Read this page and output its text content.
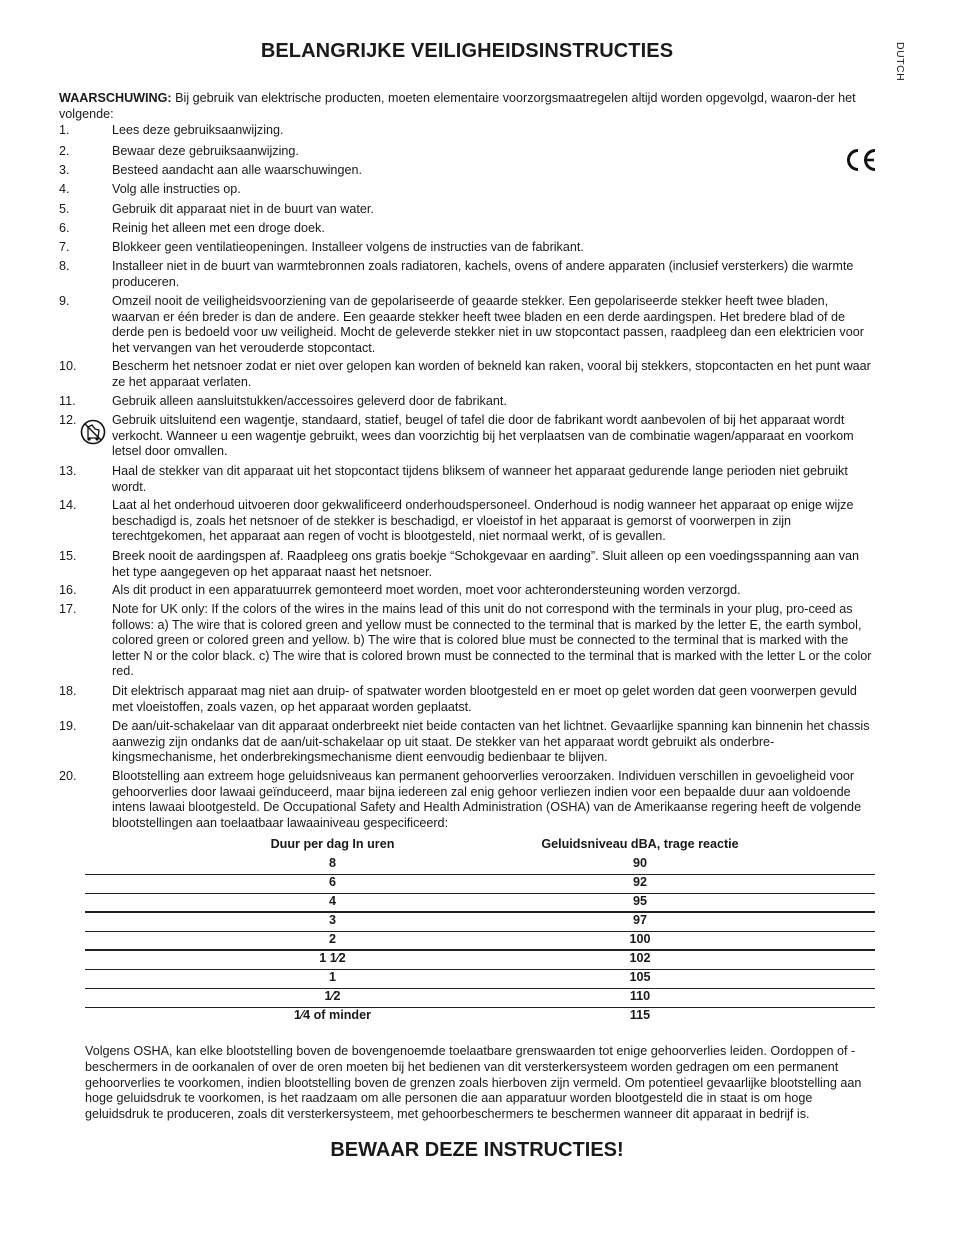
BELANGRIJKE VEILIGHEIDSINSTRUCTIES	DUTCH
WAARSCHUWING: Bij gebruik van elektrische producten, moeten elementaire voorzorgsmaatregelen altijd worden opgevolgd, waaron-der het volgende:
1.	Lees deze gebruiksaanwijzing.
2.	Bewaar deze gebruiksaanwijzing.
3.	Besteed aandacht aan alle waarschuwingen.
4.	Volg alle instructies op.
5.	Gebruik dit apparaat niet in de buurt van water.
6.	Reinig het alleen met een droge doek.
7.	Blokkeer geen ventilatieopeningen. Installeer volgens de instructies van de fabrikant.
8.	Installeer niet in de buurt van warmtebronnen zoals radiatoren, kachels, ovens of andere apparaten (inclusief versterkers) die warmte produceren.
9.	Omzeil nooit de veiligheidsvoorziening van de gepolariseerde of geaarde stekker. Een gepolariseerde stekker heeft twee bladen, waarvan er één breder is dan de andere. Een geaarde stekker heeft twee bladen en een derde aardingspen. Het bredere blad of de derde pen is bedoeld voor uw veiligheid. Mocht de geleverde stekker niet in uw stopcontact passen, raadpleeg dan een elektricien voor het vervangen van het verouderde stopcontact.
10.	Bescherm het netsnoer zodat er niet over gelopen kan worden of bekneld kan raken, vooral bij stekkers, stopcontacten en het punt waar ze het apparaat verlaten.
11.	Gebruik alleen aansluitstukken/accessoires geleverd door de fabrikant.
12.	Gebruik uitsluitend een wagentje, standaard, statief, beugel of tafel die door de fabrikant wordt aanbevolen of bij het apparaat wordt verkocht. Wanneer u een wagentje gebruikt, wees dan voorzichtig bij het verplaatsen van de combinatie wagen/apparaat en voorkom letsel door omvallen.
13.	Haal de stekker van dit apparaat uit het stopcontact tijdens bliksem of wanneer het apparaat gedurende lange perioden niet gebruikt wordt.
14.	Laat al het onderhoud uitvoeren door gekwalificeerd onderhoudspersoneel. Onderhoud is nodig wanneer het apparaat op enige wijze beschadigd is, zoals het netsnoer of de stekker is beschadigd, er vloeistof in het apparaat is gemorst of voorwerpen in zijn terechtgekomen, het apparaat aan regen of vocht is blootgesteld, niet normaal werkt, of is gevallen.
15.	Breek nooit de aardingspen af. Raadpleeg ons gratis boekje “Schokgevaar en aarding”. Sluit alleen op een voedingsspanning aan van het type aangegeven op het apparaat naast het netsnoer.
16.	Als dit product in een apparatuurrek gemonteerd moet worden, moet voor achterondersteuning worden verzorgd.
17.	Note for UK only: If the colors of the wires in the mains lead of this unit do not correspond with the terminals in your plug, pro-ceed as follows: a) The wire that is colored green and yellow must be connected to the terminal that is marked by the letter E, the earth symbol, colored green or colored green and yellow. b) The wire that is colored blue must be connected to the terminal that is marked with the letter N or the color black. c) The wire that is colored brown must be connected to the terminal that is marked with the letter L or the color red.
18.	Dit elektrisch apparaat mag niet aan druip- of spatwater worden blootgesteld en er moet op gelet worden dat geen voorwerpen gevuld met vloeistoffen, zoals vazen, op het apparaat worden geplaatst.
19.	De aan/uit-schakelaar van dit apparaat onderbreekt niet beide contacten van het lichtnet. Gevaarlijke spanning kan binnenin het chassis aanwezig zijn ondanks dat de aan/uit-schakelaar op uit staat. De stekker van het apparaat wordt gebruikt als onderbre-kingsmechanisme, het onderbrekingsmechanisme dient eenvoudig bedienbaar te blijven.
20.	Blootstelling aan extreem hoge geluidsniveaus kan permanent gehoorverlies veroorzaken. Individuen verschillen in gevoeligheid voor gehoorverlies door lawaai geïnduceerd, maar bijna iedereen zal enig gehoor verliezen indien voor een bepaalde duur aan voldoende intens lawaai blootgesteld. De Occupational Safety and Health Administration (OSHA) van de Amerikaanse regering heeft de volgende blootstellingen aan toelaatbaar lawaainiveau gespecificeerd:
Duur per dag In uren	Geluidsniveau dBA, trage reactie
8	90
6	92
4	95
3	97
2	100
1 1⁄2	102
1	105
1⁄2	110
1⁄4 of minder	115
Volgens OSHA, kan elke blootstelling boven de bovengenoemde toelaatbare grenswaarden tot enige gehoorverlies leiden. Oordoppen of -beschermers in de oorkanalen of over de oren moeten bij het bedienen van dit versterkersysteem worden gedragen om een permanent gehoorverlies te voorkomen, indien blootstelling boven de grenzen zoals hierboven zijn vermeld. Om potentieel gevaarlijke blootstelling aan hoge geluidsdruk te voorkomen, is het raadzaam om alle personen die aan apparatuur worden blootgesteld die in staat is om hoge geluidsdruk te produceren, zoals dit versterkersysteem, met gehoorbeschermers te beschermen wanneer dit apparaat in bedrijf is.
BEWAAR DEZE INSTRUCTIES!
